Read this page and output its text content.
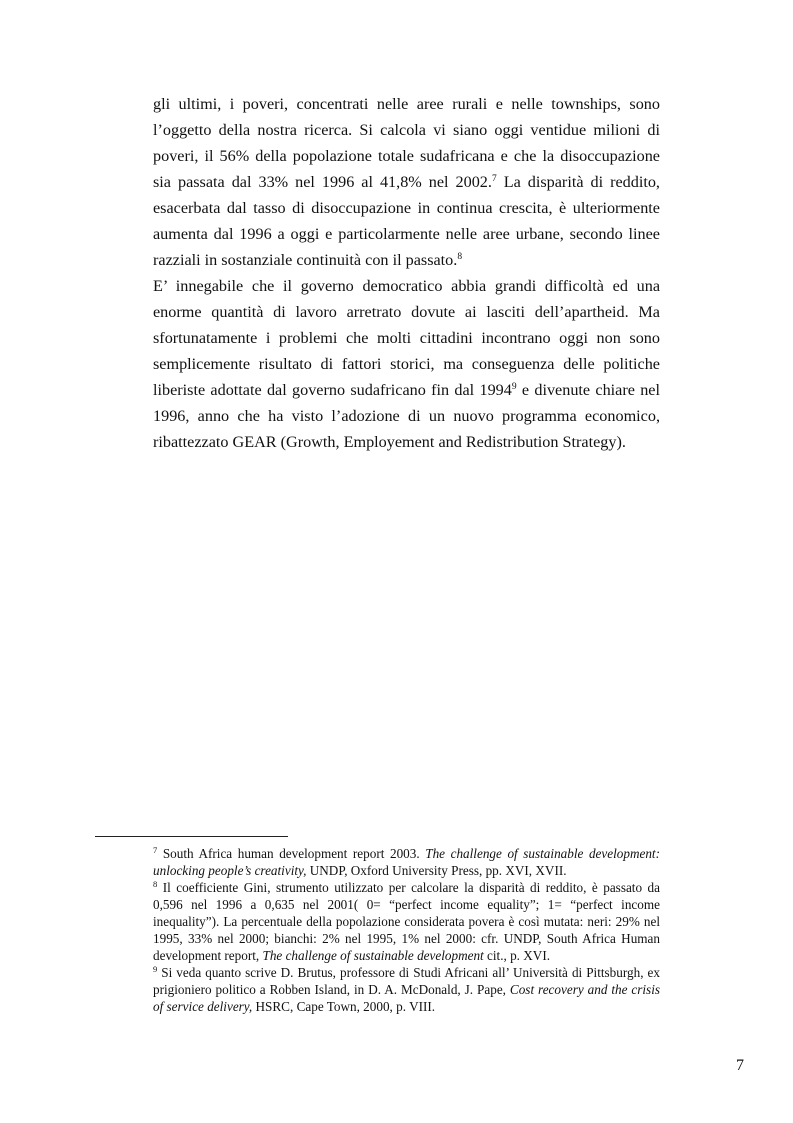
gli ultimi, i poveri, concentrati nelle aree rurali e nelle townships, sono l’oggetto della nostra ricerca. Si calcola vi siano oggi ventidue milioni di poveri, il 56% della popolazione totale sudafricana e che la disoccupazione sia passata dal 33% nel 1996 al 41,8% nel 2002.$^7$ La disparità di reddito, esacerbata dal tasso di disoccupazione in continua crescita, è ulteriormente aumenta dal 1996 a oggi e particolarmente nelle aree urbane, secondo linee razziali in sostanziale continuità con il passato.$^8$

E’ innegabile che il governo democratico abbia grandi difficoltà ed una enorme quantità di lavoro arretrato dovute ai lasciti dell’apartheid. Ma sfortunatamente i problemi che molti cittadini incontrano oggi non sono semplicemente risultato di fattori storici, ma conseguenza delle politiche liberiste adottate dal governo sudafricano fin dal 1994$^9$ e divenute chiare nel 1996, anno che ha visto l’adozione di un nuovo programma economico, ribattezzato GEAR (Growth, Employement and Redistribution Strategy).

$^7$ South Africa human development report 2003. The challenge of sustainable development: unlocking people’s creativity, UNDP, Oxford University Press, pp. XVI, XVII.

$^8$ Il coefficiente Gini, strumento utilizzato per calcolare la disparità di reddito, è passato da 0,596 nel 1996 a 0,635 nel 2001( 0= “perfect income equality”; 1= “perfect income inequality”). La percentuale della popolazione considerata povera è così mutata: neri: 29% nel 1995, 33% nel 2000; bianchi: 2% nel 1995, 1% nel 2000: cfr. UNDP, South Africa Human development report, The challenge of sustainable development cit., p. XVI.

$^9$ Si veda quanto scrive D. Brutus, professore di Studi Africani all’ Università di Pittsburgh, ex prigioniero politico a Robben Island, in D. A. McDonald, J. Pape, Cost recovery and the crisis of service delivery, HSRC, Cape Town, 2000, p. VIII.

7
